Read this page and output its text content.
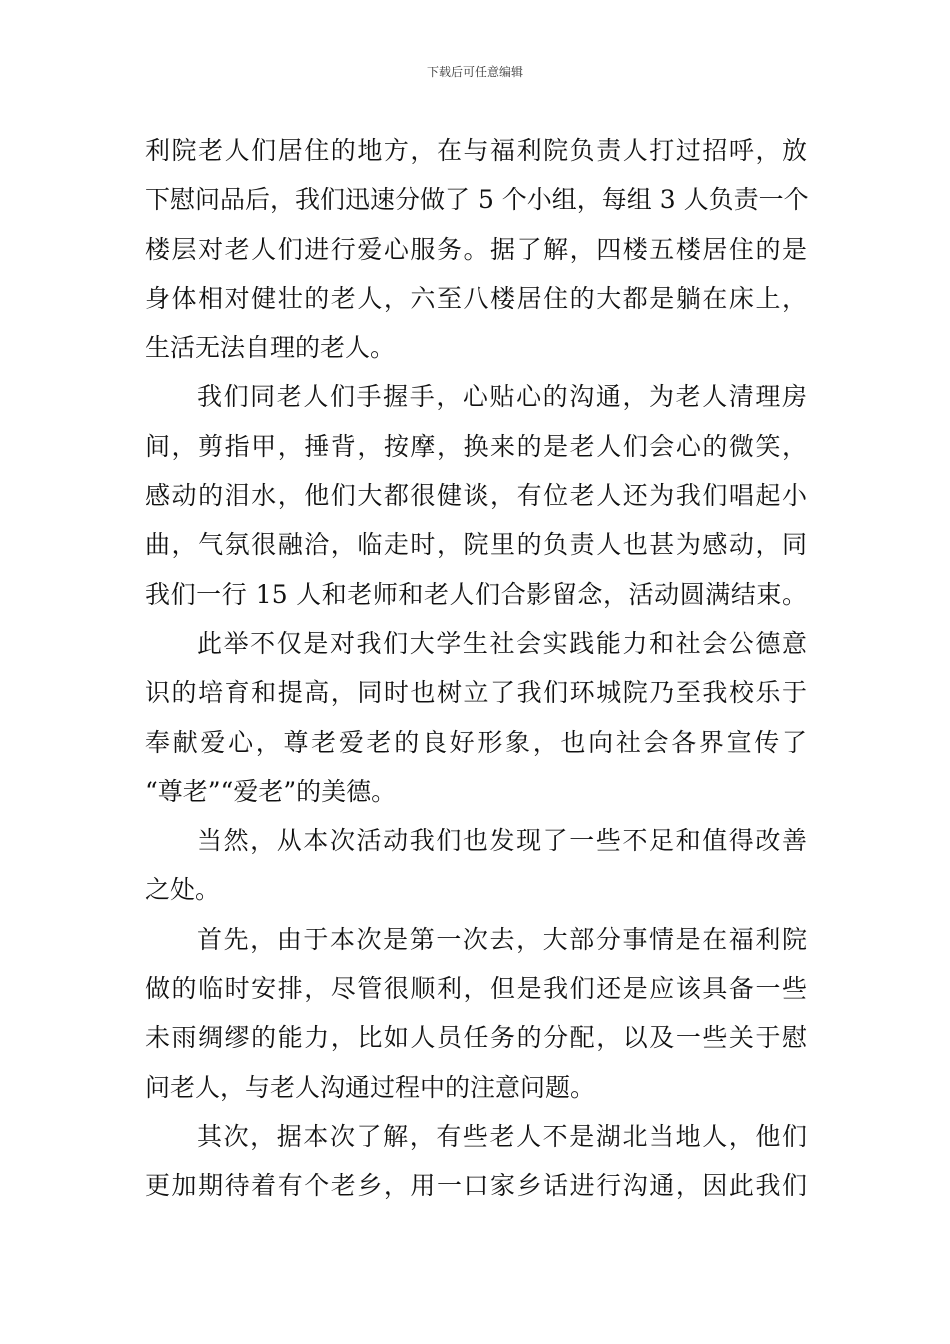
下载后可任意编辑
利院老人们居住的地方，在与福利院负责人打过招呼，放
下慰问品后，我们迅速分做了 5 个小组，每组 3 人负责一个
楼层对老人们进行爱心服务。据了解，四楼五楼居住的是
身体相对健壮的老人，六至八楼居住的大都是躺在床上，
生活无法自理的老人。
我们同老人们手握手，心贴心的沟通，为老人清理房
间，剪指甲，捶背，按摩，换来的是老人们会心的微笑，
感动的泪水，他们大都很健谈，有位老人还为我们唱起小
曲，气氛很融洽，临走时，院里的负责人也甚为感动，同
我们一行 15 人和老师和老人们合影留念，活动圆满结束。
此举不仅是对我们大学生社会实践能力和社会公德意
识的培育和提高，同时也树立了我们环城院乃至我校乐于
奉献爱心，尊老爱老的良好形象，也向社会各界宣传了
“尊老”“爱老”的美德。
当然，从本次活动我们也发现了一些不足和值得改善
之处。
首先，由于本次是第一次去，大部分事情是在福利院
做的临时安排，尽管很顺利，但是我们还是应该具备一些
未雨绸缪的能力，比如人员任务的分配，以及一些关于慰
问老人，与老人沟通过程中的注意问题。
其次，据本次了解，有些老人不是湖北当地人，他们
更加期待着有个老乡，用一口家乡话进行沟通，因此我们
